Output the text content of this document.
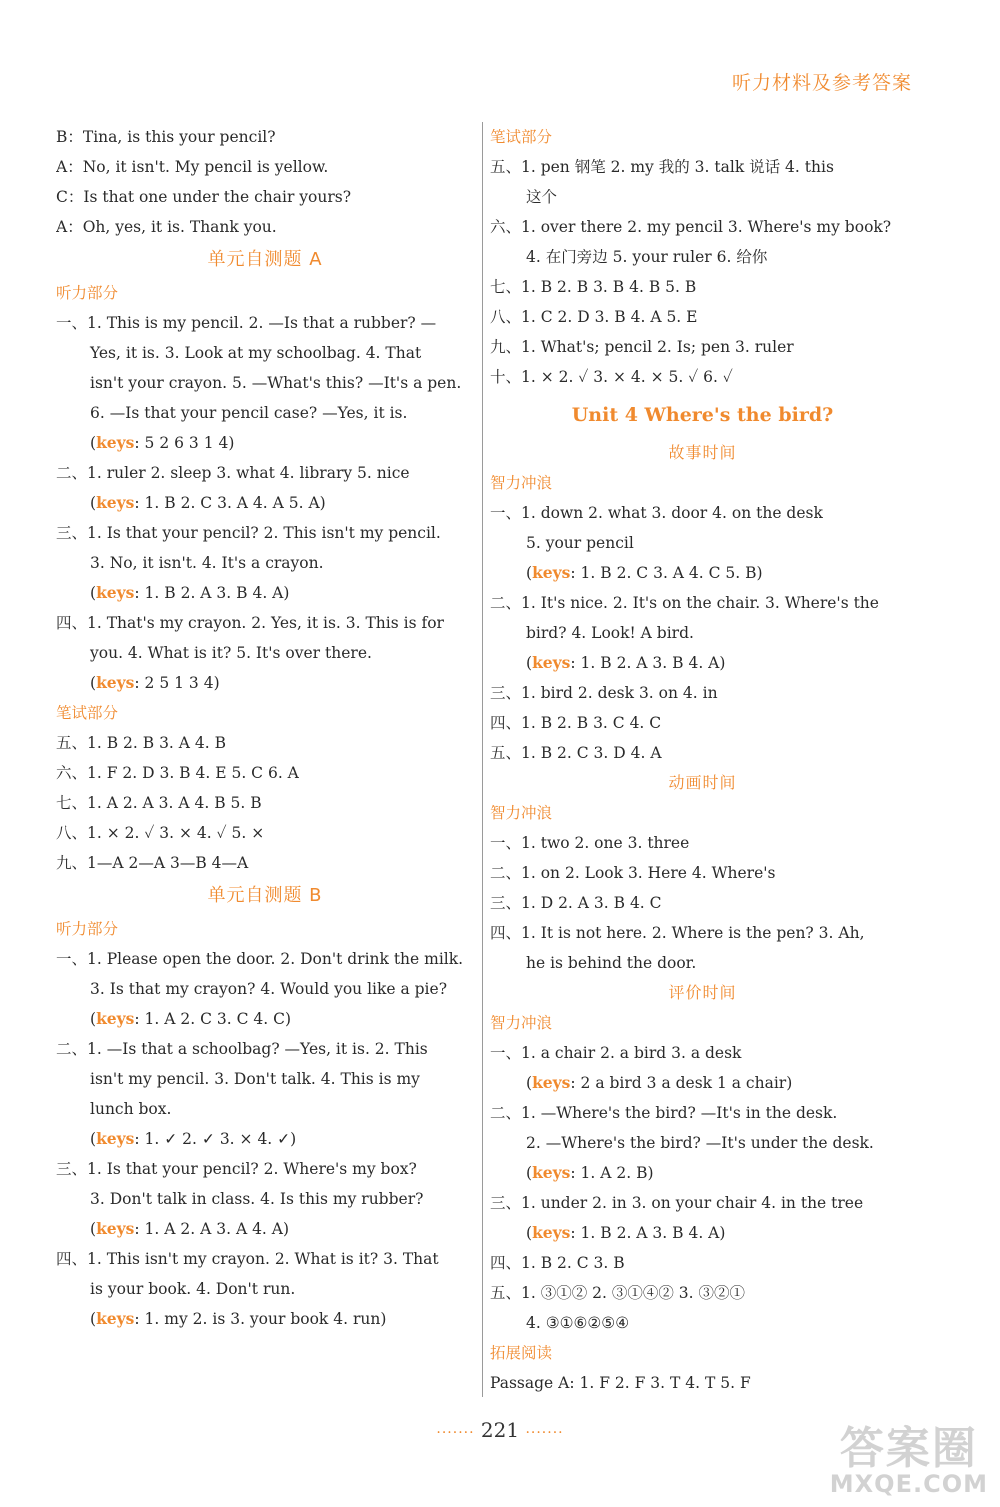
听力材料及参考答案
B：Tina, is this your pencil?
A：No, it isn't. My pencil is yellow.
C：Is that one under the chair yours?
A：Oh, yes, it is. Thank you.
单元自测题 A
听力部分
一、1. This is my pencil. 2. —Is that a rubber? —
Yes, it is. 3. Look at my schoolbag. 4. That
isn't your crayon. 5. —What's this? —It's a pen.
6. —Is that your pencil case? —Yes, it is.
(keys: 5 2 6 3 1 4)
二、1. ruler 2. sleep 3. what 4. library 5. nice
(keys: 1. B 2. C 3. A 4. A 5. A)
三、1. Is that your pencil? 2. This isn't my pencil.
3. No, it isn't. 4. It's a crayon.
(keys: 1. B 2. A 3. B 4. A)
四、1. That's my crayon. 2. Yes, it is. 3. This is for
you. 4. What is it? 5. It's over there.
(keys: 2 5 1 3 4)
笔试部分
五、1. B 2. B 3. A 4. B
六、1. F 2. D 3. B 4. E 5. C 6. A
七、1. A 2. A 3. A 4. B 5. B
八、1. × 2. ✓ 3. × 4. ✓ 5. ×
九、1—A 2—A 3—B 4—A
单元自测题 B
听力部分
一、1. Please open the door. 2. Don't drink the milk.
3. Is that my crayon? 4. Would you like a pie?
(keys: 1. A 2. C 3. C 4. C)
二、1. —Is that a schoolbag? —Yes, it is. 2. This
isn't my pencil. 3. Don't talk. 4. This is my
lunch box.
(keys: 1. ✓ 2. ✓ 3. × 4. ✓)
三、1. Is that your pencil? 2. Where's my box?
3. Don't talk in class. 4. Is this my rubber?
(keys: 1. A 2. A 3. A 4. A)
四、1. This isn't my crayon. 2. What is it? 3. That
is your book. 4. Don't run.
(keys: 1. my 2. is 3. your book 4. run)
笔试部分
五、1. pen 钢笔 2. my 我的 3. talk 说话 4. this
这个
六、1. over there 2. my pencil 3. Where's my book?
4. 在门旁边 5. your ruler 6. 给你
七、1. B 2. B 3. B 4. B 5. B
八、1. C 2. D 3. B 4. A 5. E
九、1. What's; pencil 2. Is; pen 3. ruler
十、1. × 2. ✓ 3. × 4. × 5. ✓ 6. ✓
Unit 4 Where's the bird?
故事时间
智力冲浪
一、1. down 2. what 3. door 4. on the desk
5. your pencil
(keys: 1. B 2. C 3. A 4. C 5. B)
二、1. It's nice. 2. It's on the chair. 3. Where's the
bird? 4. Look! A bird.
(keys: 1. B 2. A 3. B 4. A)
三、1. bird 2. desk 3. on 4. in
四、1. B 2. B 3. C 4. C
五、1. B 2. C 3. D 4. A
动画时间
智力冲浪
一、1. two 2. one 3. three
二、1. on 2. Look 3. Here 4. Where's
三、1. D 2. A 3. B 4. C
四、1. It is not here. 2. Where is the pen? 3. Ah,
he is behind the door.
评价时间
智力冲浪
一、1. a chair 2. a bird 3. a desk
(keys: 2 a bird 3 a desk 1 a chair)
二、1. —Where's the bird? —It's in the desk.
2. —Where's the bird? —It's under the desk.
(keys: 1. A 2. B)
三、1. under 2. in 3. on your chair 4. in the tree
(keys: 1. B 2. A 3. B 4. A)
四、1. B 2. C 3. B
五、1. ③①② 2. ③①④② 3. ③②①
4. ③①⑥②⑤④
拓展阅读
Passage A: 1. F 2. F 3. T 4. T 5. F
······· 221 ·······	答案圈
MXQE.COM
